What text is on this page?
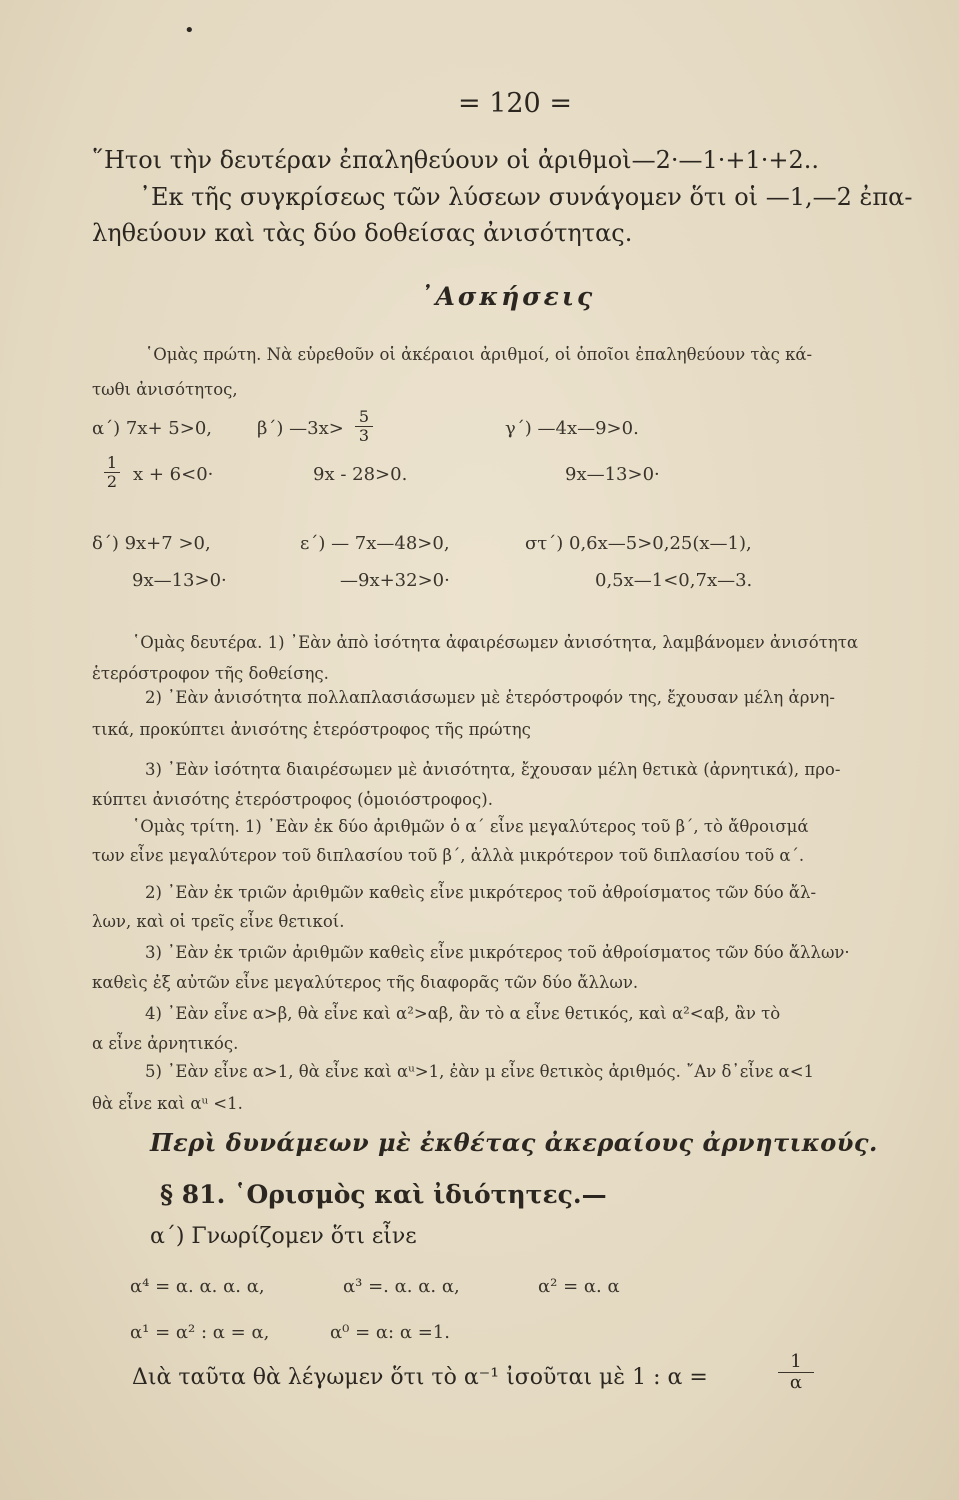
•
= 120 =
῞Ητοι τὴν δευτέραν ἐπαληθεύουν οἱ ἀριθμοὶ—2·—1·+1·+2..
᾿Εκ τῆς συγκρίσεως τῶν λύσεων συνάγομεν ὅτι οἱ —1,—2 ἐπα-
ληθεύουν καὶ τὰς δύο δοθείσας ἀνισότητας.
᾿Ασκήσεις
῾Ομὰς πρώτη. Νὰ εὑρεθοῦν οἱ ἀκέραιοι ἀριθμοί, οἱ ὁποῖοι ἐπαληθεύουν τὰς κά-
τωθι ἀνισότητος,
α΄) 7x+ 5>0, β΄) —3x> $\frac{5}{3}$	γ΄) —4x—9>0.
$\frac{1}{2}$ x + 6<0·	9x - 28>0.	9x—13>0·
δ΄) 9x+7 >0,	ε΄) — 7x—48>0,	στ΄) 0,6x—5>0,25(x—1),
9x—13>0·	—9x+32>0·	0,5x—1<0,7x—3.
῾Ομὰς δευτέρα. 1) ᾿Εὰν ἀπὸ ἰσότητα ἀφαιρέσωμεν ἀνισότητα, λαμβάνομεν ἀνισότητα
ἑτερόστροφον τῆς δοθείσης.
2) ᾿Εὰν ἀνισότητα πολλαπλασιάσωμεν μὲ ἑτερόστροφόν της, ἔχουσαν μέλη ἀρνη-
τικά, προκύπτει ἀνισότης ἑτερόστροφος τῆς πρώτης
3) ᾿Εὰν ἰσότητα διαιρέσωμεν μὲ ἀνισότητα, ἔχουσαν μέλη θετικὰ (ἀρνητικά), προ-
κύπτει ἀνισότης ἑτερόστροφος (ὁμοιόστροφος).
῾Ομὰς τρίτη. 1) ᾿Εὰν ἐκ δύο ἀριθμῶν ὁ α΄ εἶνε μεγαλύτερος τοῦ β΄, τὸ ἄθροισμά
των εἶνε μεγαλύτερον τοῦ διπλασίου τοῦ β΄, ἀλλὰ μικρότερον τοῦ διπλασίου τοῦ α΄.
2) ᾿Εὰν ἐκ τριῶν ἀριθμῶν καθεὶς εἶνε μικρότερος τοῦ ἀθροίσματος τῶν δύο ἄλ-
λων, καὶ οἱ τρεῖς εἶνε θετικοί.
3) ᾿Εὰν ἐκ τριῶν ἀριθμῶν καθεὶς εἶνε μικρότερος τοῦ ἀθροίσματος τῶν δύο ἄλλων·
καθεὶς ἐξ αὐτῶν εἶνε μεγαλύτερος τῆς διαφορᾶς τῶν δύο ἄλλων.
4) ᾿Εὰν εἶνε α>β, θὰ εἶνε καὶ α²>αβ, ἂν τὸ α εἶνε θετικός, καὶ α²<αβ, ἂν τὸ
α εἶνε ἀρνητικός.
5) ᾿Εὰν εἶνε α>1, θὰ εἶνε καὶ αᵘ>1, ἐὰν μ εἶνε θετικὸς ἀριθμός. ῎Αν δ᾿εἶνε α<1
θὰ εἶνε καὶ αᵘ <1.
Περὶ δυνάμεων μὲ ἐκθέτας ἀκεραίους ἀρνητικούς.
§ 81. ῾Ορισμὸς καὶ ἰδιότητες.—
α΄) Γνωρίζομεν ὅτι εἶνε
α⁴ = α. α. α. α,	α³ =. α. α. α,	α² = α. α
α¹ = α² : α = α,	α⁰ = α: α =1.
Διὰ ταῦτα θὰ λέγωμεν ὅτι τὸ α⁻¹ ἰσοῦται μὲ 1 : α =	$\frac{1}{\alpha}$
